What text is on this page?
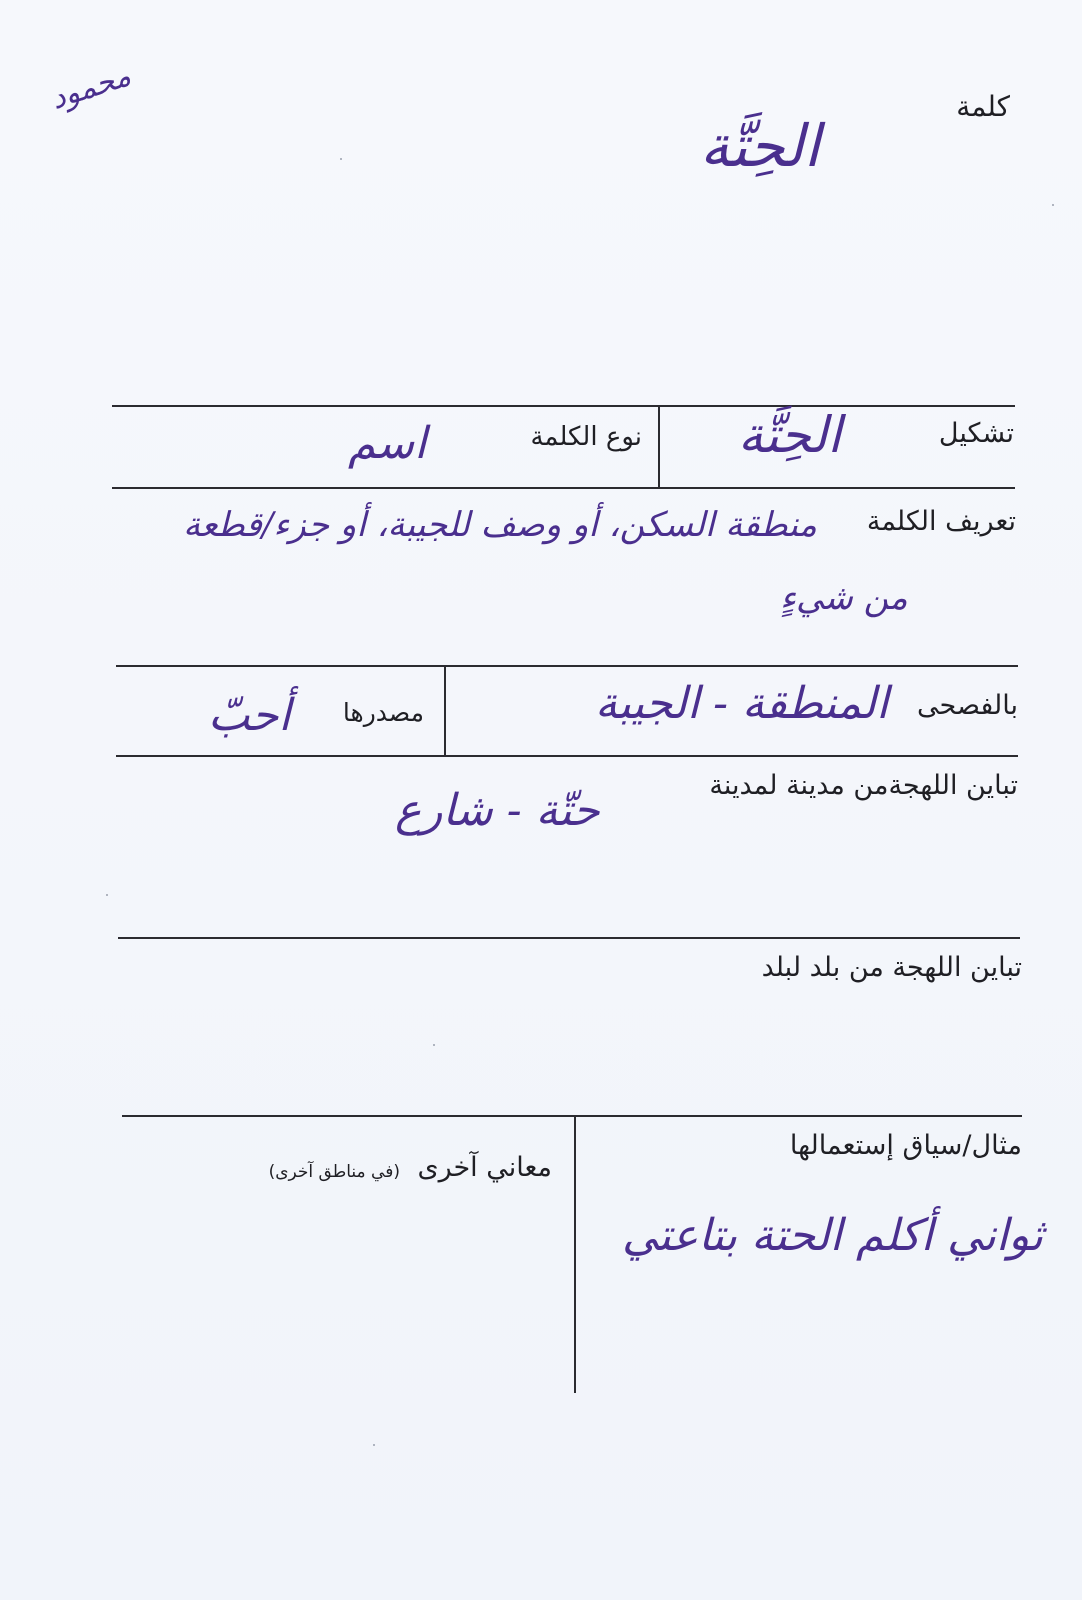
محمود	كلمة
الحِتَّة
تشكيل
الحِتَّة
نوع الكلمة
اسم
تعريف الكلمة
منطقة السكن، أو وصف للجيبة، أو جزء/قطعة
من شيءٍ
بالفصحى
المنطقة - الجيبة
مصدرها
أحبّ
تباين اللهجةمن مدينة لمدينة
حتّة - شارع
تباين اللهجة من بلد لبلد
مثال/سياق إستعمالها
ثواني أكلم الحتة بتاعتي
معاني آخرى
(في مناطق آخرى)
